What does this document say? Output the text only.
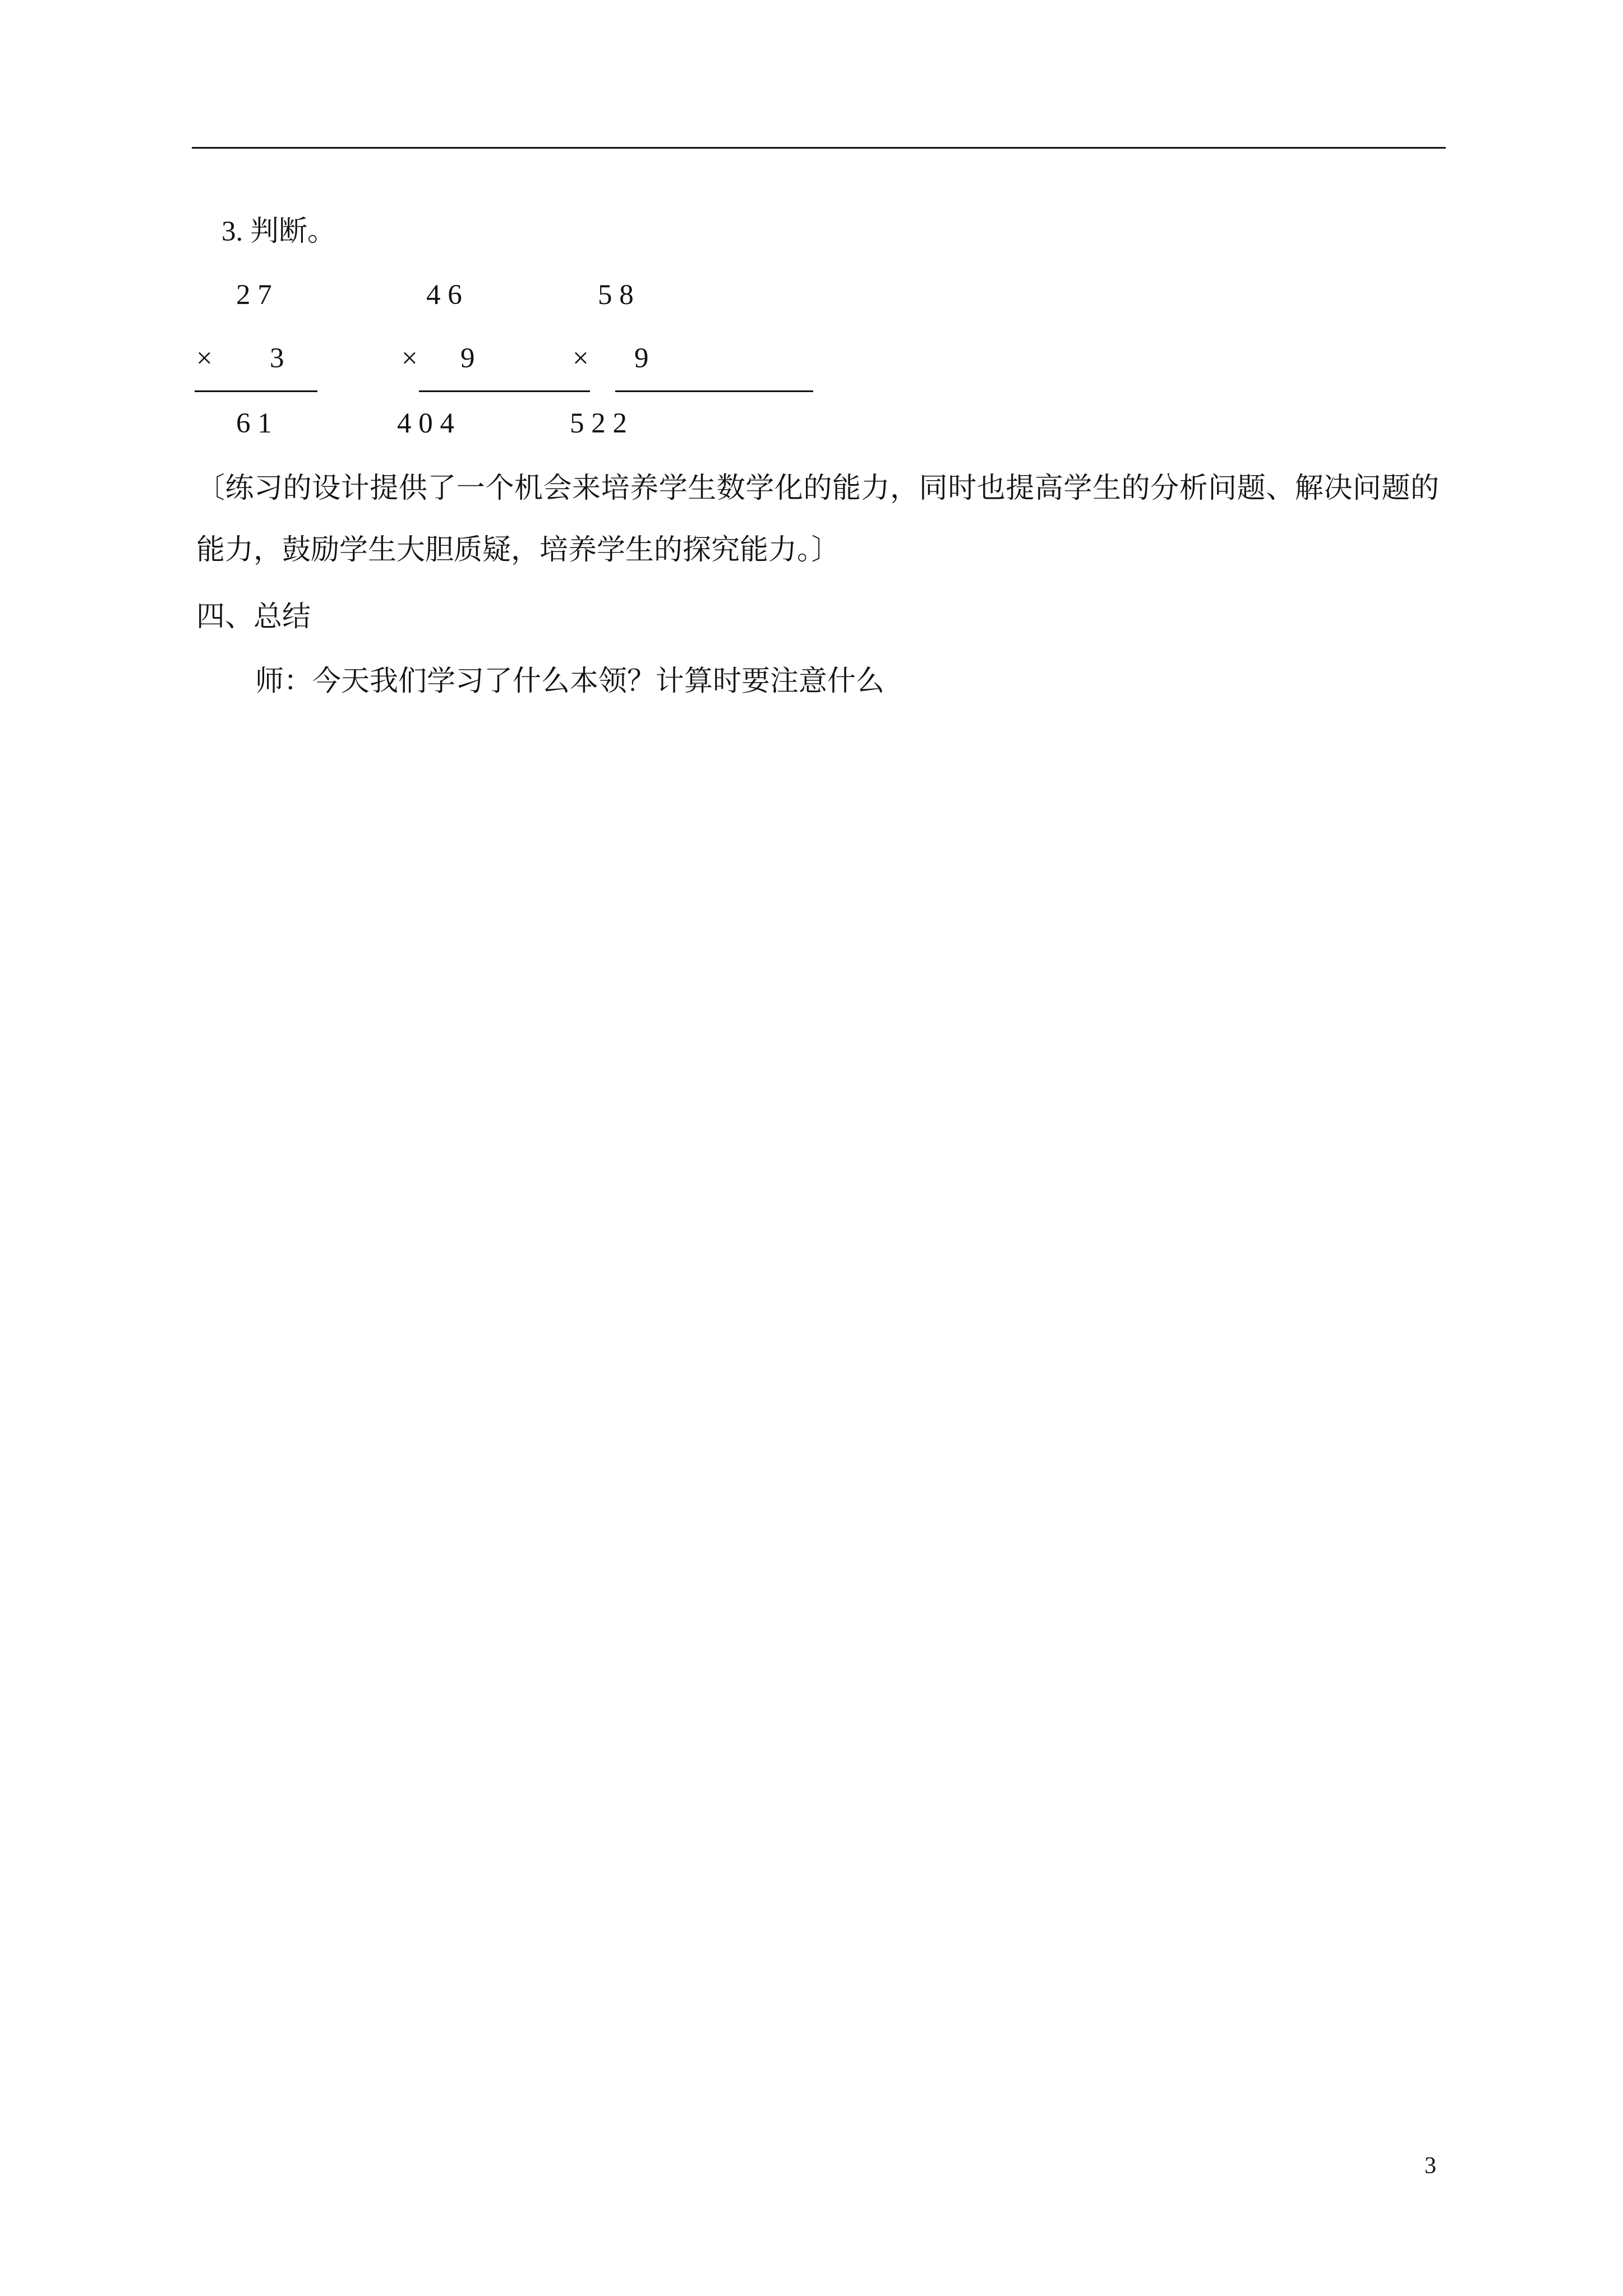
3. 判断。
2 7
× 3
6 1
4 6
× 9
4 0 4
5 8
× 9
5 2 2
〔练习的设计提供了一个机会来培养学生数学化的能力，同时也提高学生的分析问题、解决问题的
能力，鼓励学生大胆质疑，培养学生的探究能力。〕
四、总结
师：今天我们学习了什么本领？计算时要注意什么
3
